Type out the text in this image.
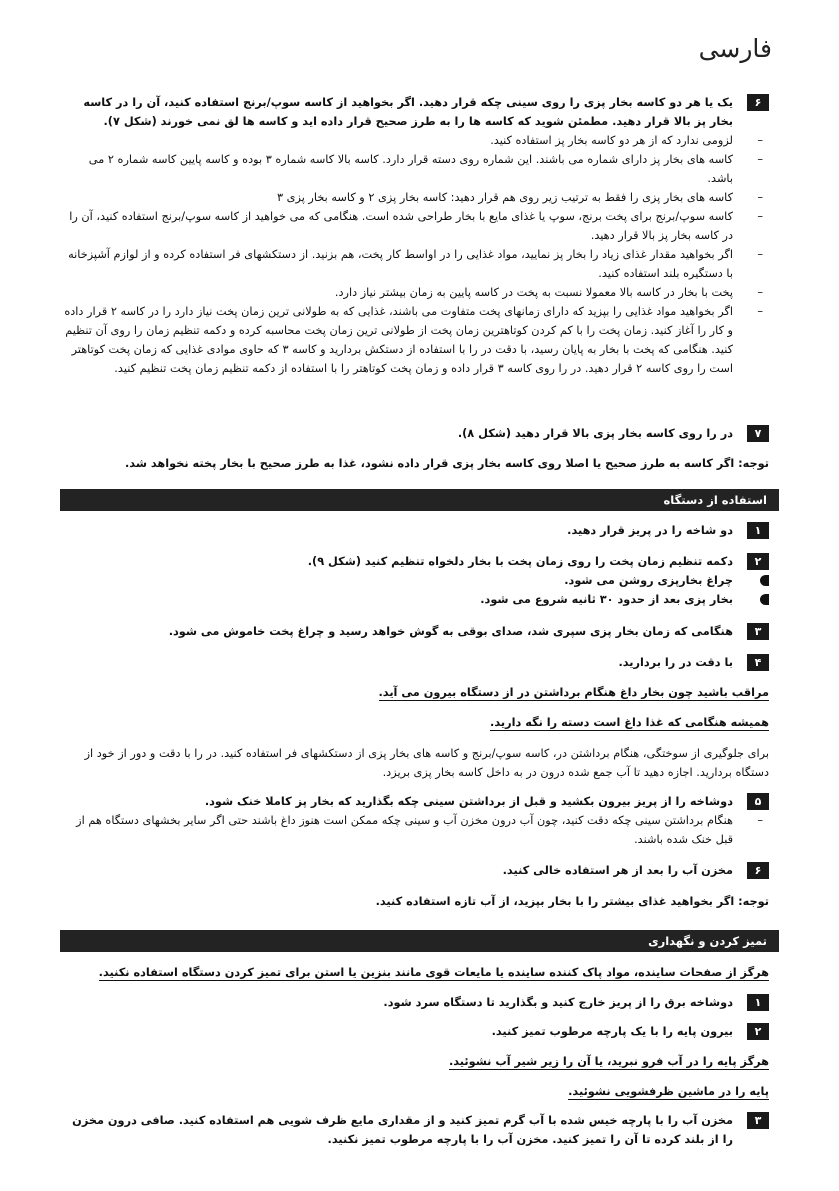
فارسی
۶

یک یا هر دو کاسه بخار پزی را روی سینی چکه قرار دهید. اگر بخواهید از کاسه سوپ/برنج استفاده کنید، آن را در کاسه بخار پز بالا قرار دهید. مطمئن شوید که کاسه ها را به طرز صحیح قرار داده اید و کاسه ها لق نمی خورند (شکل ۷).

– لزومی ندارد که از هر دو کاسه بخار پز استفاده کنید.

– کاسه های بخار پز دارای شماره می باشند. این شماره روی دسته قرار دارد. کاسه بالا کاسه شماره ۳ بوده و کاسه پایین کاسه شماره ۲ می باشد.

– کاسه های بخار پزی را فقط به ترتیب زیر روی هم قرار دهید: کاسه بخار پزی ۲ و کاسه بخار پزی ۳

– کاسه سوپ/برنج برای پخت برنج، سوپ یا غذای مایع با بخار طراحی شده است. هنگامی که می خواهید از کاسه سوپ/برنج استفاده کنید، آن را در کاسه بخار پز بالا قرار دهید.

– اگر بخواهید مقدار غذای زیاد را بخار پز نمایید، مواد غذایی را در اواسط کار پخت، هم بزنید. از دستکشهای فر استفاده کرده و از لوازم آشپزخانه با دستگیره بلند استفاده کنید.

– پخت با بخار در کاسه بالا معمولا نسبت به پخت در کاسه پایین به زمان بیشتر نیاز دارد.

– اگر بخواهید مواد غذایی را بپزید که دارای زمانهای پخت متفاوت می باشند، غذایی که به طولانی ترین زمان پخت نیاز دارد را در کاسه ۲ قرار داده و کار را آغاز کنید. زمان پخت را با کم کردن کوتاهترین زمان پخت از طولانی ترین زمان پخت محاسبه کرده و دکمه تنظیم زمان را روی آن تنظیم کنید. هنگامی که پخت با بخار به پایان رسید، با دقت در را با استفاده از دستکش بردارید و کاسه ۳ که حاوی موادی غذایی که زمان پخت کوتاهتر است را روی کاسه ۲ قرار دهید. در را روی کاسه ۳ قرار داده و زمان پخت کوتاهتر را با استفاده از دکمه تنظیم زمان پخت تنظیم کنید.

۷

در را روی کاسه بخار پزی بالا قرار دهید (شکل ۸).

توجه: اگر کاسه به طرز صحیح یا اصلا روی کاسه بخار پزی قرار داده نشود، غذا به طرز صحیح با بخار پخته نخواهد شد.

استفاده از دستگاه
۱

دو شاخه را در پریز قرار دهید.

۲

دکمه تنظیم زمان پخت را روی زمان پخت با بخار دلخواه تنظیم کنید (شکل ۹).

چراغ بخارپزی روشن می شود.

بخار پزی بعد از حدود ۳۰ ثانیه شروع می شود.

۳

هنگامی که زمان بخار پزی سپری شد، صدای بوقی به گوش خواهد رسید و چراغ پخت خاموش می شود.

۴

با دقت در را بردارید.

مراقب باشید چون بخار داغ هنگام برداشتن در از دستگاه بیرون می آید.

همیشه هنگامی که غذا داغ است دسته را نگه دارید.

برای جلوگیری از سوختگی، هنگام برداشتن در، کاسه سوپ/برنج و کاسه های بخار پزی از دستکشهای فر استفاده کنید. در را با دقت و دور از خود از دستگاه بردارید. اجازه دهید تا آب جمع شده درون در به داخل کاسه بخار پزی بریزد.

۵

دوشاخه را از پریز بیرون بکشید و قبل از برداشتن سینی چکه بگذارید که بخار پز کاملا خنک شود.

– هنگام برداشتن سینی چکه دقت کنید، چون آب درون مخزن آب و سینی چکه ممکن است هنوز داغ باشند حتی اگر سایر بخشهای دستگاه هم از قبل خنک شده باشند.

۶

مخزن آب را بعد از هر استفاده خالی کنید.

توجه: اگر بخواهید غذای بیشتر را با بخار بپزید، از آب تازه استفاده کنید.

تمیز کردن و نگهداری

هرگز از صفحات ساینده، مواد پاک کننده ساینده یا مایعات قوی مانند بنزین یا استن برای تمیز کردن دستگاه استفاده نکنید.

۱

دوشاخه برق را از پریز خارج کنید و بگذارید تا دستگاه سرد شود.

۲

بیرون پایه را با یک پارچه مرطوب تمیز کنید.

هرگز پایه را در آب فرو نبرید، یا آن را زیر شیر آب نشوئید.

پایه را در ماشین ظرفشویی نشوئید.

۳

مخزن آب را با پارچه خیس شده با آب گرم تمیز کنید و از مقداری مایع ظرف شویی هم استفاده کنید. صافی درون مخزن را از بلند کرده تا آن را تمیز کنید. مخزن آب را با پارچه مرطوب تمیز نکنید.
